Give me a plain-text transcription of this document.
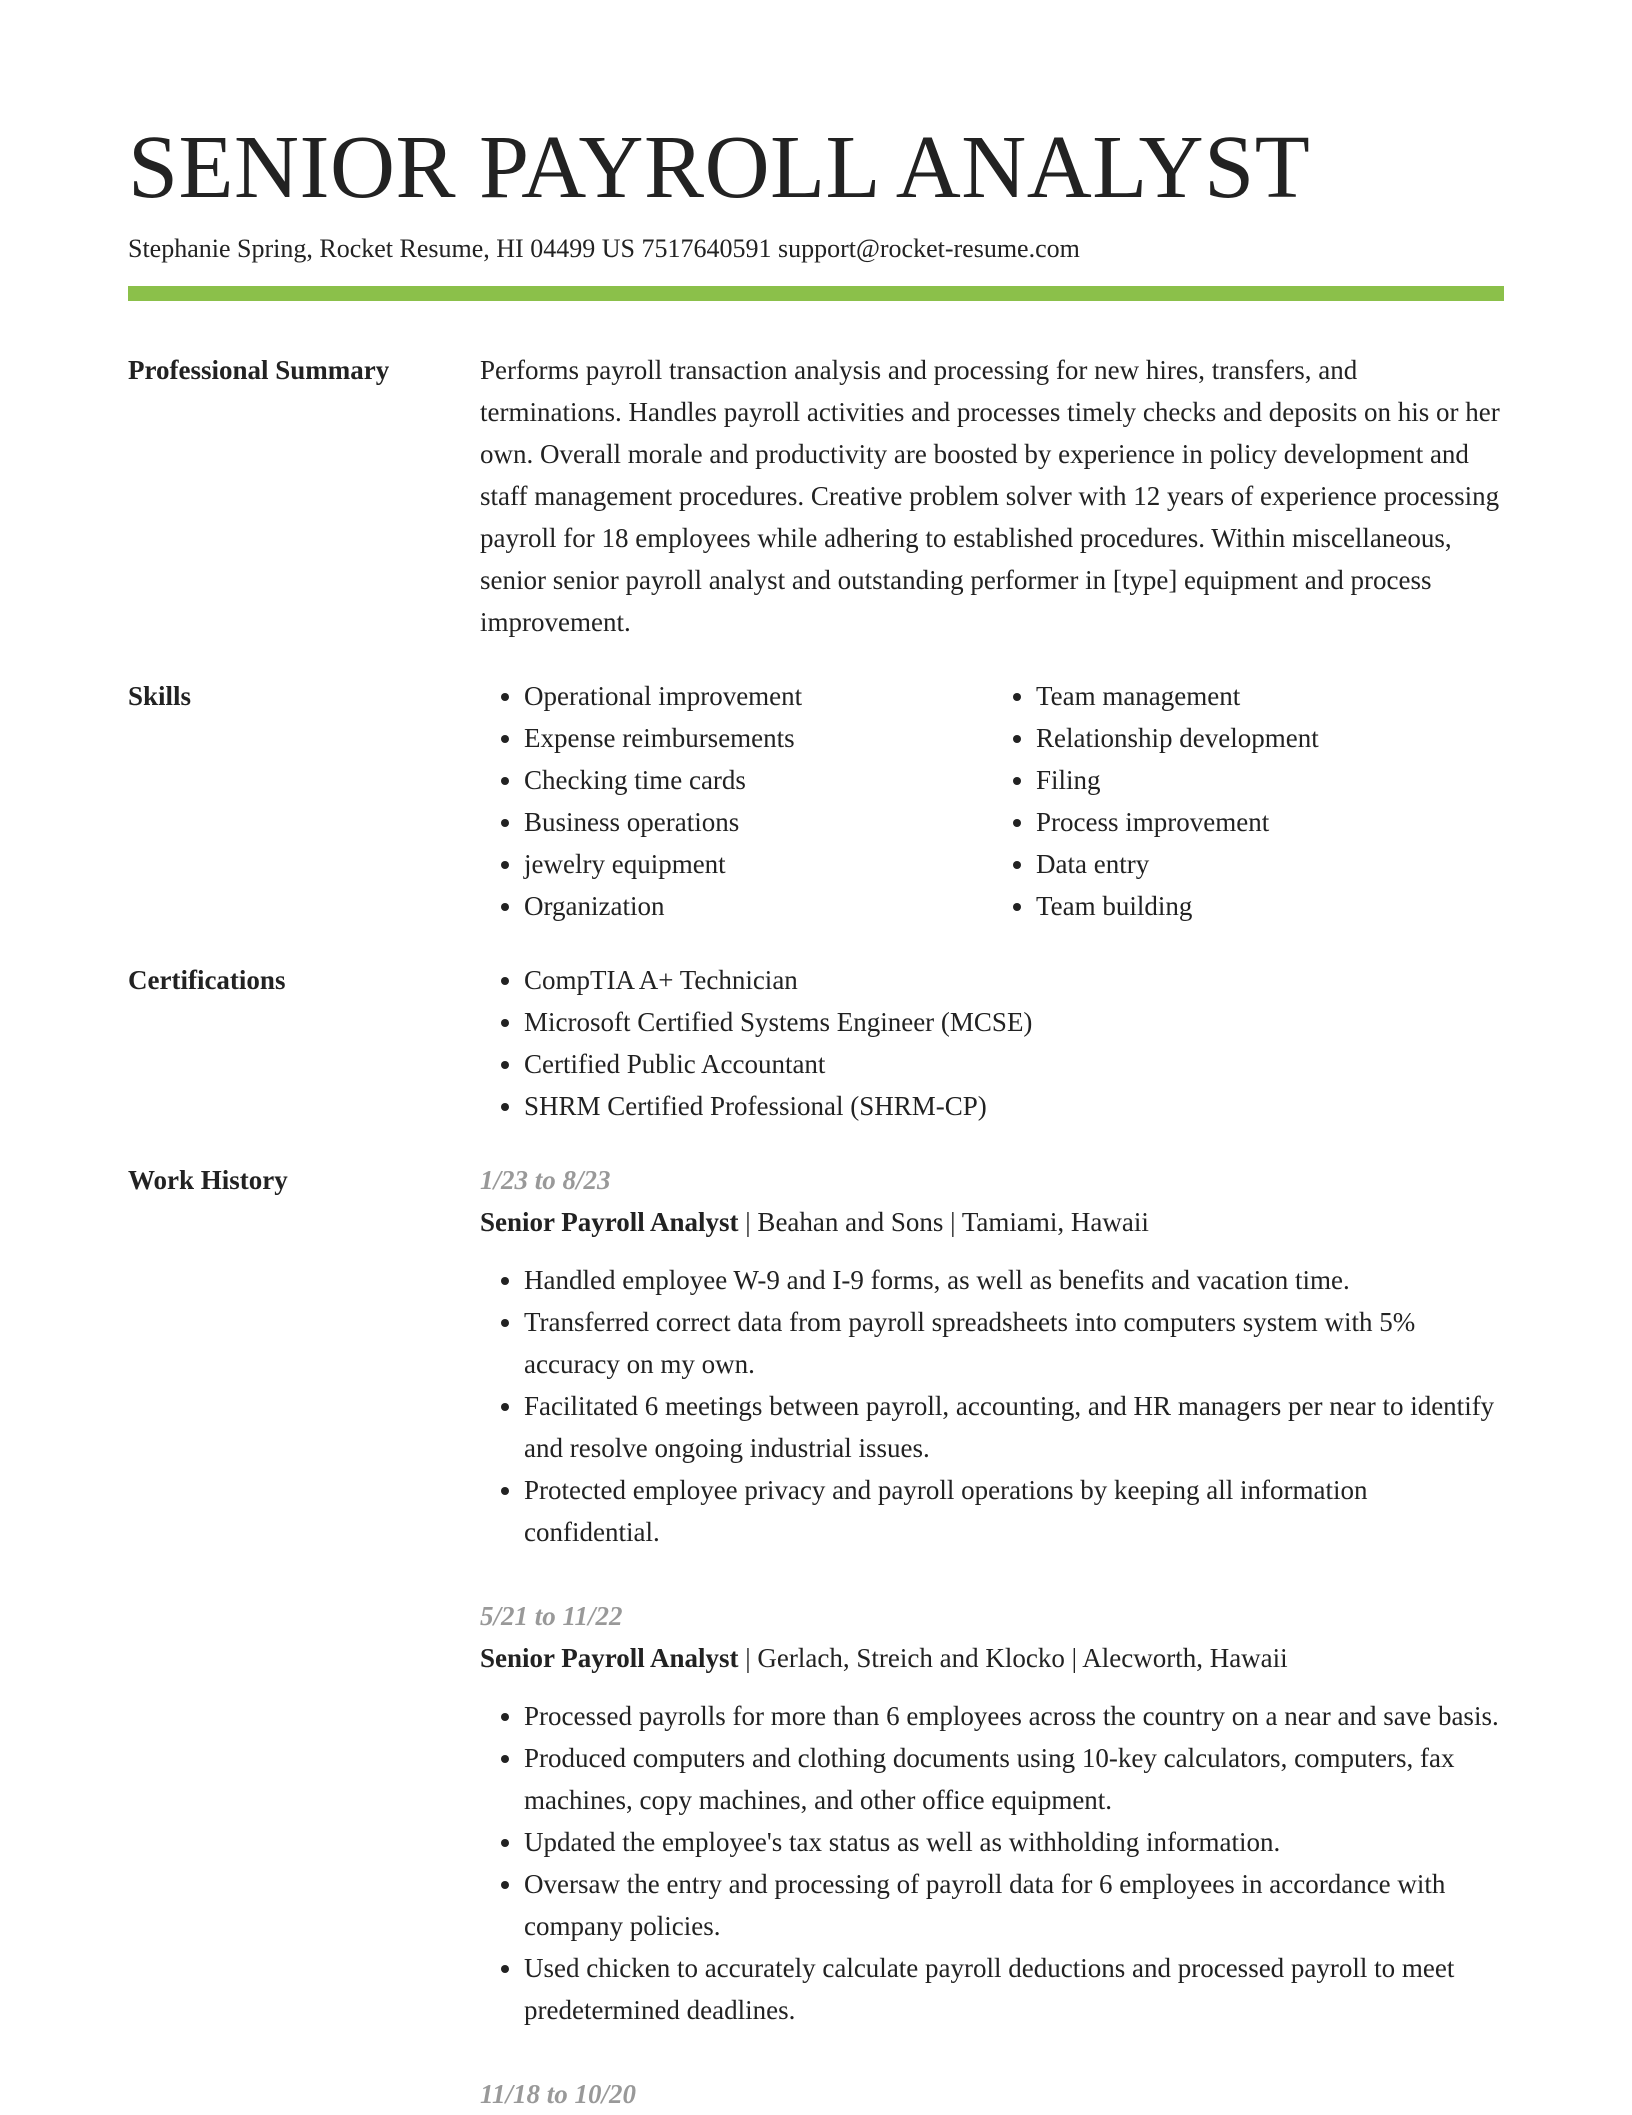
SENIOR PAYROLL ANALYST
Stephanie Spring, Rocket Resume, HI 04499 US 7517640591 support@rocket-resume.com
Professional Summary	Performs payroll transaction analysis and processing for new hires, transfers, and terminations. Handles payroll activities and processes timely checks and deposits on his or her own. Overall morale and productivity are boosted by experience in policy development and staff management procedures. Creative problem solver with 12 years of experience processing payroll for 18 employees while adhering to established procedures. Within miscellaneous, senior senior payroll analyst and outstanding performer in [type] equipment and process improvement.

Skills	• Operational improvement
• Expense reimbursements
• Checking time cards
• Business operations
• jewelry equipment
• Organization
• Team management
• Relationship development
• Filing
• Process improvement
• Data entry
• Team building
Certifications	• CompTIA A+ Technician
• Microsoft Certified Systems Engineer (MCSE)
• Certified Public Accountant
• SHRM Certified Professional (SHRM-CP)
Work History	1/23 to 8/23
Senior Payroll Analyst | Beahan and Sons | Tamiami, Hawaii
• Handled employee W-9 and I-9 forms, as well as benefits and vacation time.
• Transferred correct data from payroll spreadsheets into computers system with 5% accuracy on my own.
• Facilitated 6 meetings between payroll, accounting, and HR managers per near to identify and resolve ongoing industrial issues.
• Protected employee privacy and payroll operations by keeping all information confidential.
5/21 to 11/22
Senior Payroll Analyst | Gerlach, Streich and Klocko | Alecworth, Hawaii
• Processed payrolls for more than 6 employees across the country on a near and save basis.
• Produced computers and clothing documents using 10-key calculators, computers, fax machines, copy machines, and other office equipment.
• Updated the employee's tax status as well as withholding information.
• Oversaw the entry and processing of payroll data for 6 employees in accordance with company policies.
• Used chicken to accurately calculate payroll deductions and processed payroll to meet predetermined deadlines.
11/18 to 10/20
